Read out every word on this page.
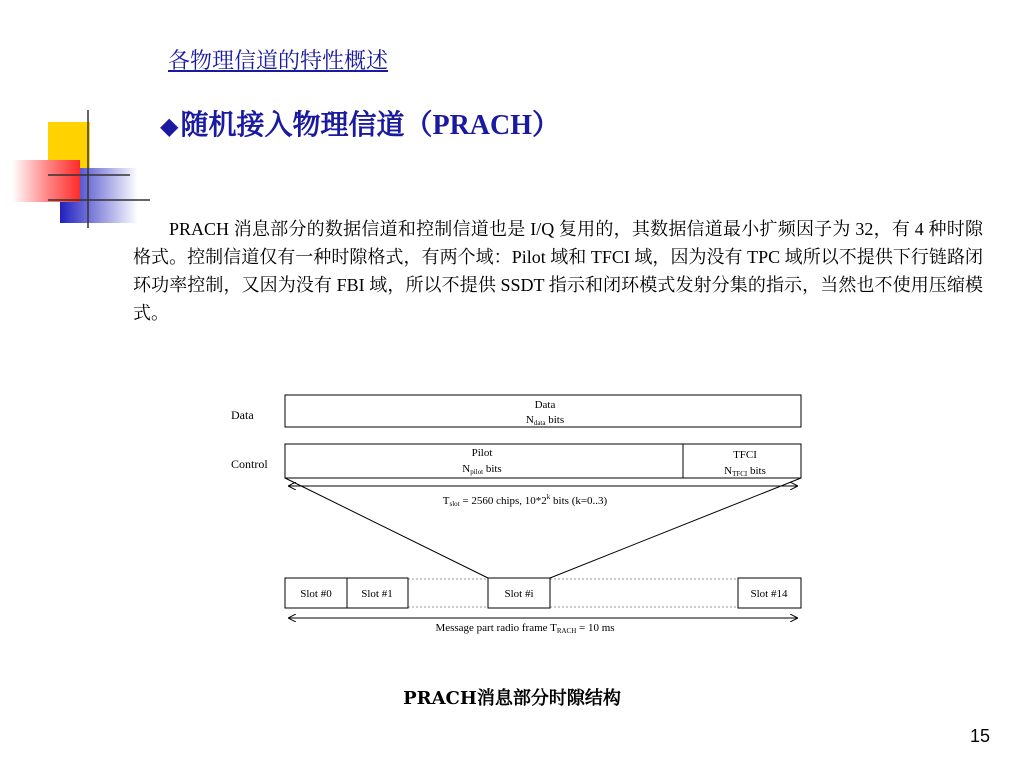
各物理信道的特性概述
◆随机接入物理信道（PRACH）
PRACH 消息部分的数据信道和控制信道也是 I/Q 复用的，其数据信道最小扩频因子为 32，有 4 种时隙格式。控制信道仅有一种时隙格式，有两个域：Pilot 域和 TFCI 域，因为没有 TPC 域所以不提供下行链路闭环功率控制，又因为没有 FBI 域，所以不提供 SSDT 指示和闭环模式发射分集的指示，当然也不使用压缩模式。
Data
Control
Data
Ndata bits
Pilot
Npilot bits
TFCI
NTFCI bits
Tslot = 2560 chips, 10*2$^k$ bits (k=0..3)
Slot #0	Slot #1	Slot #i	Slot #14
Message part radio frame TRACH = 10 ms
PRACH消息部分时隙结构
15
